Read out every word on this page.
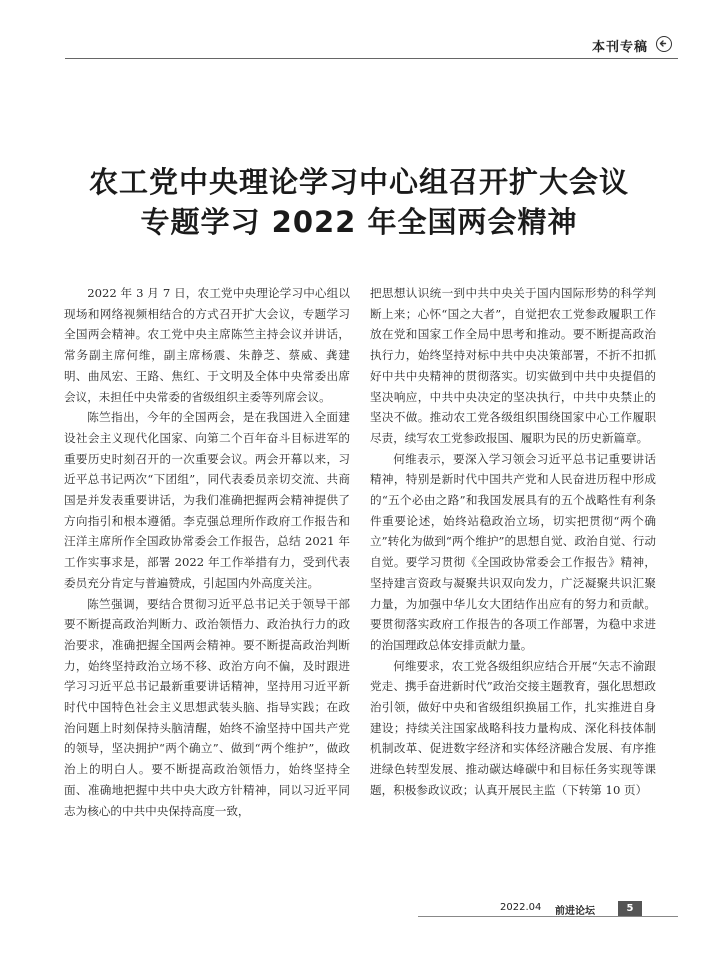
本刊专稿
农工党中央理论学习中心组召开扩大会议
专题学习 2022 年全国两会精神

2022 年 3 月 7 日，农工党中央理论学习中心组以现场和网络视频相结合的方式召开扩大会议，专题学习全国两会精神。农工党中央主席陈竺主持会议并讲话，常务副主席何维，副主席杨震、朱静芝、蔡威、龚建明、曲凤宏、王路、焦红、于文明及全体中央常委出席会议，未担任中央常委的省级组织主委等列席会议。

陈竺指出，今年的全国两会，是在我国进入全面建设社会主义现代化国家、向第二个百年奋斗目标进军的重要历史时刻召开的一次重要会议。两会开幕以来，习近平总书记两次“下团组”，同代表委员亲切交流、共商国是并发表重要讲话，为我们准确把握两会精神提供了方向指引和根本遵循。李克强总理所作政府工作报告和汪洋主席所作全国政协常委会工作报告，总结 2021 年工作实事求是，部署 2022 年工作举措有力，受到代表委员充分肯定与普遍赞成，引起国内外高度关注。

陈竺强调，要结合贯彻习近平总书记关于领导干部要不断提高政治判断力、政治领悟力、政治执行力的政治要求，准确把握全国两会精神。要不断提高政治判断力，始终坚持政治立场不移、政治方向不偏，及时跟进学习习近平总书记最新重要讲话精神，坚持用习近平新时代中国特色社会主义思想武装头脑、指导实践；在政治问题上时刻保持头脑清醒，始终不渝坚持中国共产党的领导，坚决拥护“两个确立”、做到“两个维护”，做政治上的明白人。要不断提高政治领悟力，始终坚持全面、准确地把握中共中央大政方针精神，同以习近平同志为核心的中共中央保持高度一致，

把思想认识统一到中共中央关于国内国际形势的科学判断上来；心怀“国之大者”，自觉把农工党参政履职工作放在党和国家工作全局中思考和推动。要不断提高政治执行力，始终坚持对标中共中央决策部署，不折不扣抓好中共中央精神的贯彻落实。切实做到中共中央提倡的坚决响应，中共中央决定的坚决执行，中共中央禁止的坚决不做。推动农工党各级组织围绕国家中心工作履职尽责，续写农工党参政报国、履职为民的历史新篇章。

何维表示，要深入学习领会习近平总书记重要讲话精神，特别是新时代中国共产党和人民奋进历程中形成的“五个必由之路”和我国发展具有的五个战略性有利条件重要论述，始终站稳政治立场，切实把贯彻“两个确立”转化为做到“两个维护”的思想自觉、政治自觉、行动自觉。要学习贯彻《全国政协常委会工作报告》精神，坚持建言资政与凝聚共识双向发力，广泛凝聚共识汇聚力量，为加强中华儿女大团结作出应有的努力和贡献。要贯彻落实政府工作报告的各项工作部署，为稳中求进的治国理政总体安排贡献力量。

何维要求，农工党各级组织应结合开展“矢志不渝跟党走、携手奋进新时代”政治交接主题教育，强化思想政治引领，做好中央和省级组织换届工作，扎实推进自身建设；持续关注国家战略科技力量构成、深化科技体制机制改革、促进数字经济和实体经济融合发展、有序推进绿色转型发展、推动碳达峰碳中和目标任务实现等课题，积极参政议政；认真开展民主监（下转第 10 页）

2022.04 前进论坛	5
